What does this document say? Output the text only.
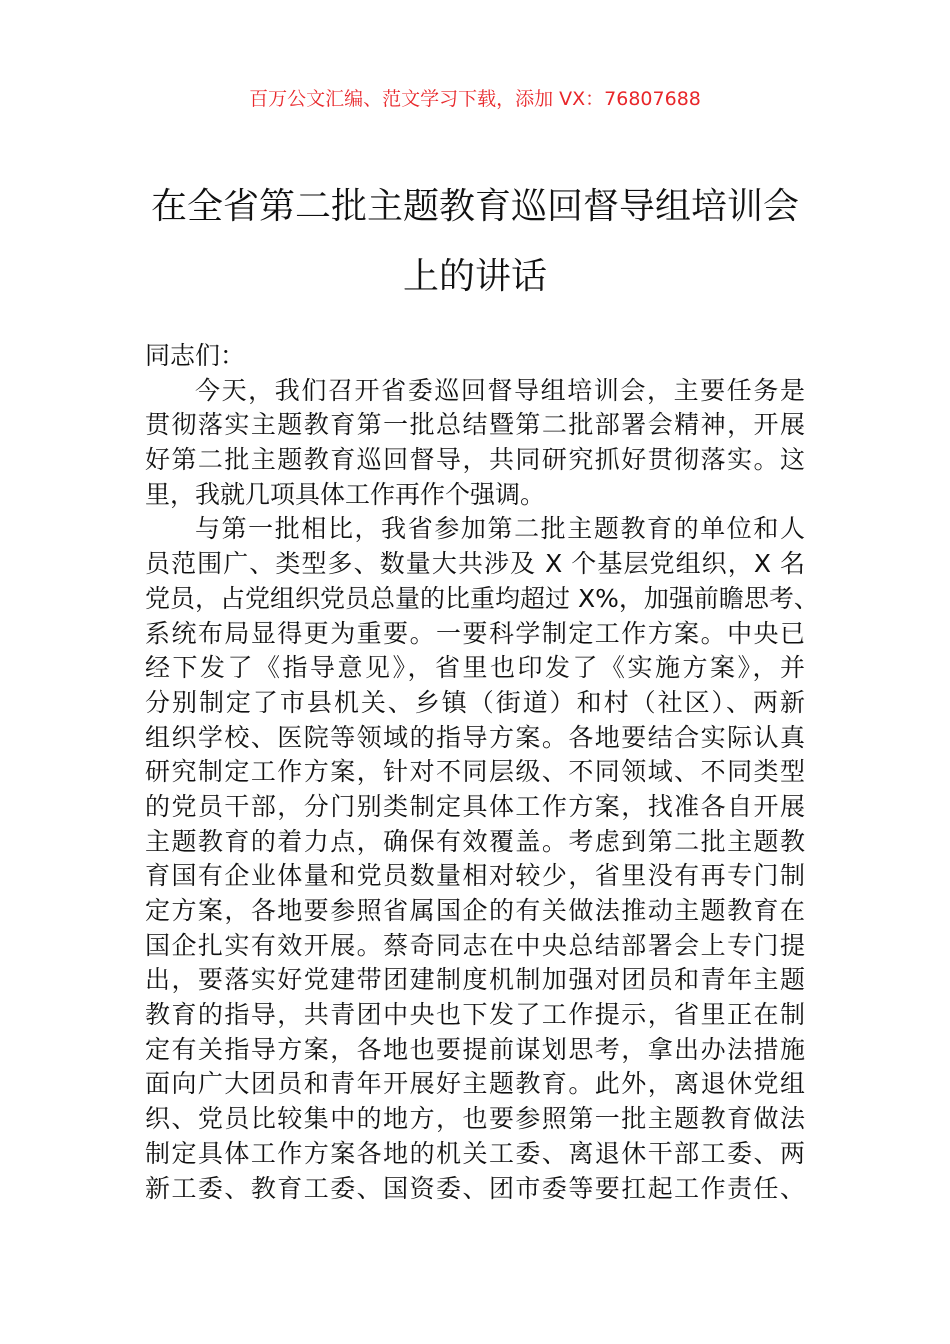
百万公文汇编、范文学习下载，添加 VX：76807688
在全省第二批主题教育巡回督导组培训会
上的讲话
同志们：
今天，我们召开省委巡回督导组培训会，主要任务是
贯彻落实主题教育第一批总结暨第二批部署会精神，开展
好第二批主题教育巡回督导，共同研究抓好贯彻落实。这
里，我就几项具体工作再作个强调。
与第一批相比，我省参加第二批主题教育的单位和人
员范围广、类型多、数量大共涉及 X 个基层党组织，X 名
党员，占党组织党员总量的比重均超过 X%，加强前瞻思考、
系统布局显得更为重要。一要科学制定工作方案。中央已
经下发了《指导意见》，省里也印发了《实施方案》，并
分别制定了市县机关、乡镇（街道）和村（社区）、两新
组织学校、医院等领域的指导方案。各地要结合实际认真
研究制定工作方案，针对不同层级、不同领域、不同类型
的党员干部，分门别类制定具体工作方案，找准各自开展
主题教育的着力点，确保有效覆盖。考虑到第二批主题教
育国有企业体量和党员数量相对较少，省里没有再专门制
定方案，各地要参照省属国企的有关做法推动主题教育在
国企扎实有效开展。蔡奇同志在中央总结部署会上专门提
出，要落实好党建带团建制度机制加强对团员和青年主题
教育的指导，共青团中央也下发了工作提示，省里正在制
定有关指导方案，各地也要提前谋划思考，拿出办法措施
面向广大团员和青年开展好主题教育。此外，离退休党组
织、党员比较集中的地方，也要参照第一批主题教育做法
制定具体工作方案各地的机关工委、离退休干部工委、两
新工委、教育工委、国资委、团市委等要扛起工作责任、
